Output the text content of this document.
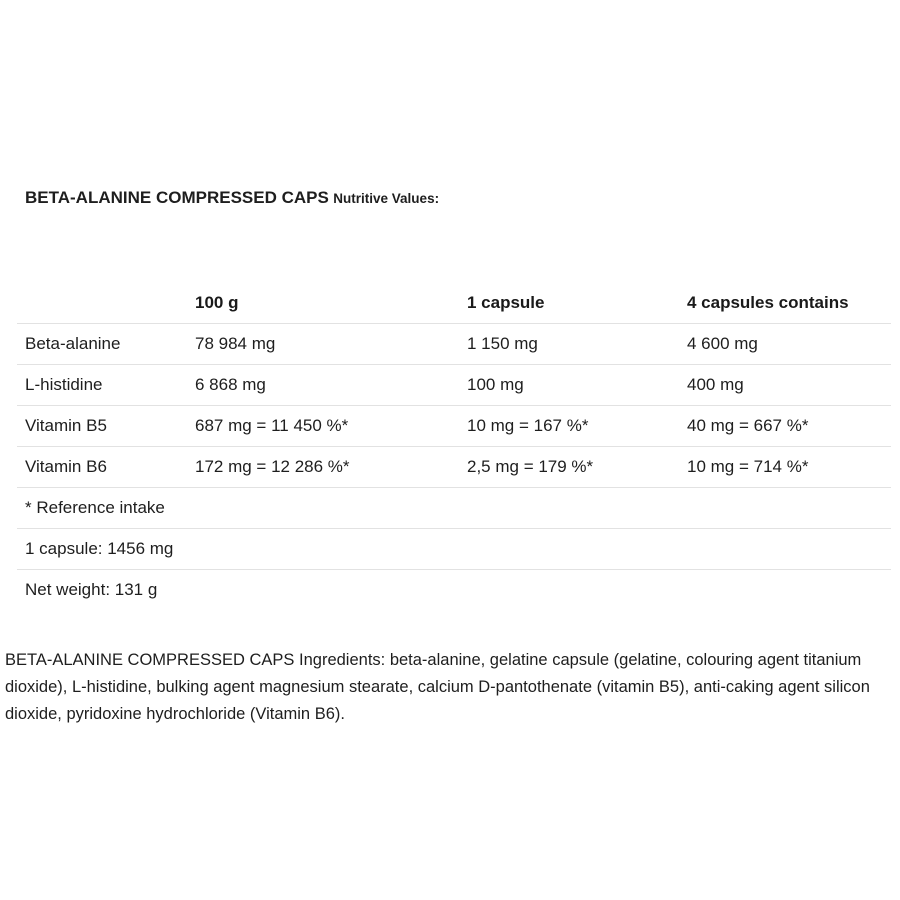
BETA-ALANINE COMPRESSED CAPS Nutritive Values:
	100 g	1 capsule	4 capsules contains
Beta-alanine	78 984 mg	1 150 mg	4 600 mg
L-histidine	6 868 mg	100 mg	400 mg
Vitamin B5	687 mg = 11 450 %*	10 mg = 167 %*	40 mg = 667 %*
Vitamin B6	172 mg = 12 286 %*	2,5 mg = 179 %*	10 mg = 714 %*
* Reference intake			
1 capsule: 1456 mg			
Net weight: 131 g			

BETA-ALANINE COMPRESSED CAPS Ingredients: beta-alanine, gelatine capsule (gelatine, colouring agent titanium dioxide), L-histidine, bulking agent magnesium stearate, calcium D-pantothenate (vitamin B5), anti-caking agent silicon dioxide, pyridoxine hydrochloride (Vitamin B6).
